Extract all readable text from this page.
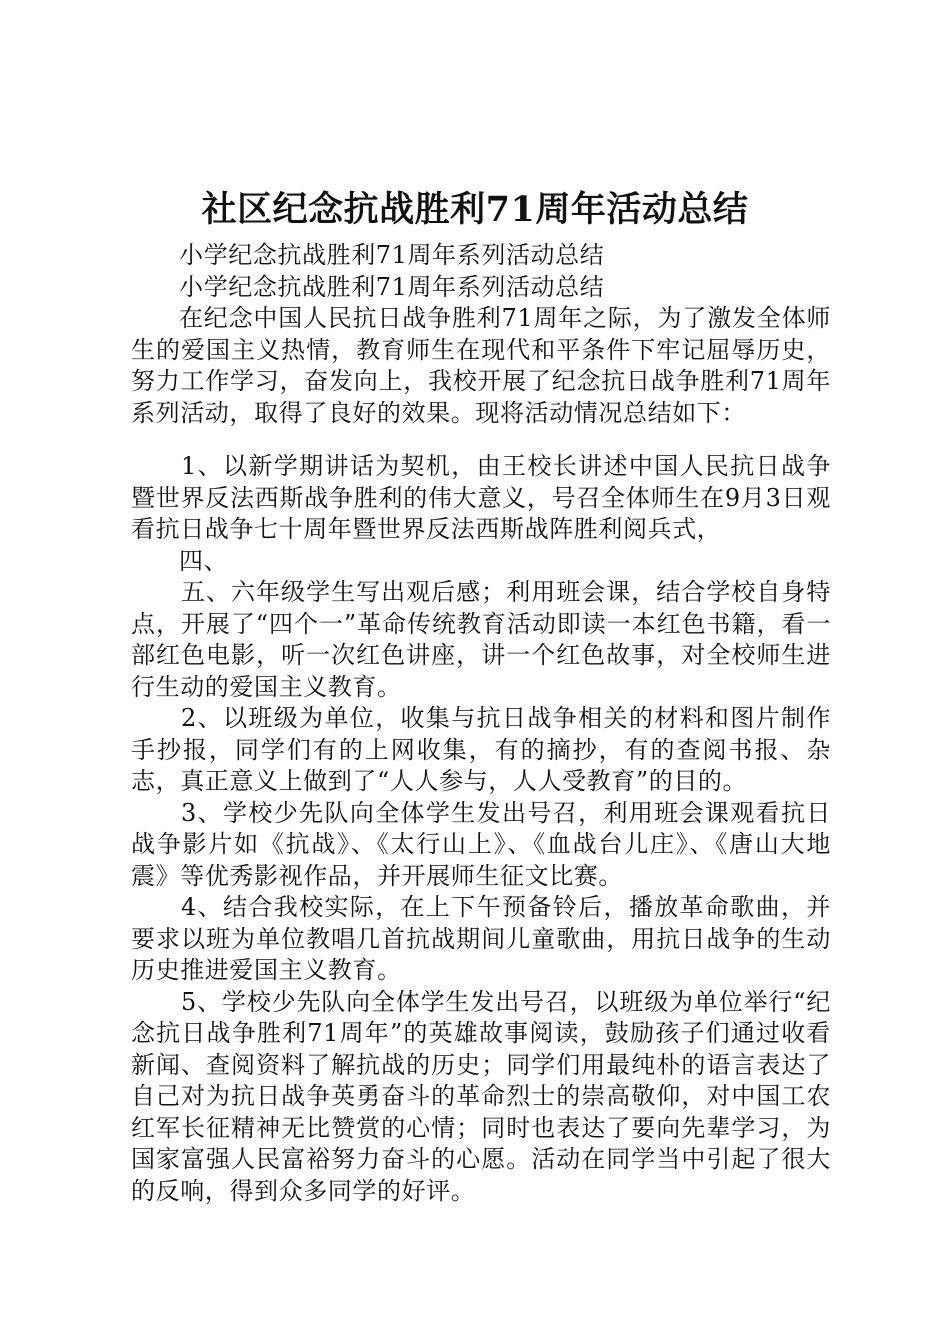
社区纪念抗战胜利71周年活动总结

小学纪念抗战胜利71周年系列活动总结

小学纪念抗战胜利71周年系列活动总结

在纪念中国人民抗日战争胜利71周年之际，为了激发全体师生的爱国主义热情，教育师生在现代和平条件下牢记屈辱历史，努力工作学习，奋发向上，我校开展了纪念抗日战争胜利71周年系列活动，取得了良好的效果。现将活动情况总结如下：

1、以新学期讲话为契机，由王校长讲述中国人民抗日战争暨世界反法西斯战争胜利的伟大意义，号召全体师生在9月3日观看抗日战争七十周年暨世界反法西斯战阵胜利阅兵式，

四、

五、六年级学生写出观后感；利用班会课，结合学校自身特点，开展了“四个一”革命传统教育活动即读一本红色书籍，看一部红色电影，听一次红色讲座，讲一个红色故事，对全校师生进行生动的爱国主义教育。

2、以班级为单位，收集与抗日战争相关的材料和图片制作手抄报，同学们有的上网收集，有的摘抄，有的查阅书报、杂志，真正意义上做到了“人人参与，人人受教育”的目的。

3、学校少先队向全体学生发出号召，利用班会课观看抗日战争影片如《抗战》、《太行山上》、《血战台儿庄》、《唐山大地震》等优秀影视作品，并开展师生征文比赛。

4、结合我校实际，在上下午预备铃后，播放革命歌曲，并要求以班为单位教唱几首抗战期间儿童歌曲，用抗日战争的生动历史推进爱国主义教育。

5、学校少先队向全体学生发出号召，以班级为单位举行“纪念抗日战争胜利71周年”的英雄故事阅读，鼓励孩子们通过收看新闻、查阅资料了解抗战的历史；同学们用最纯朴的语言表达了自己对为抗日战争英勇奋斗的革命烈士的崇高敬仰，对中国工农红军长征精神无比赞赏的心情；同时也表达了要向先辈学习，为国家富强人民富裕努力奋斗的心愿。活动在同学当中引起了很大的反响，得到众多同学的好评。
